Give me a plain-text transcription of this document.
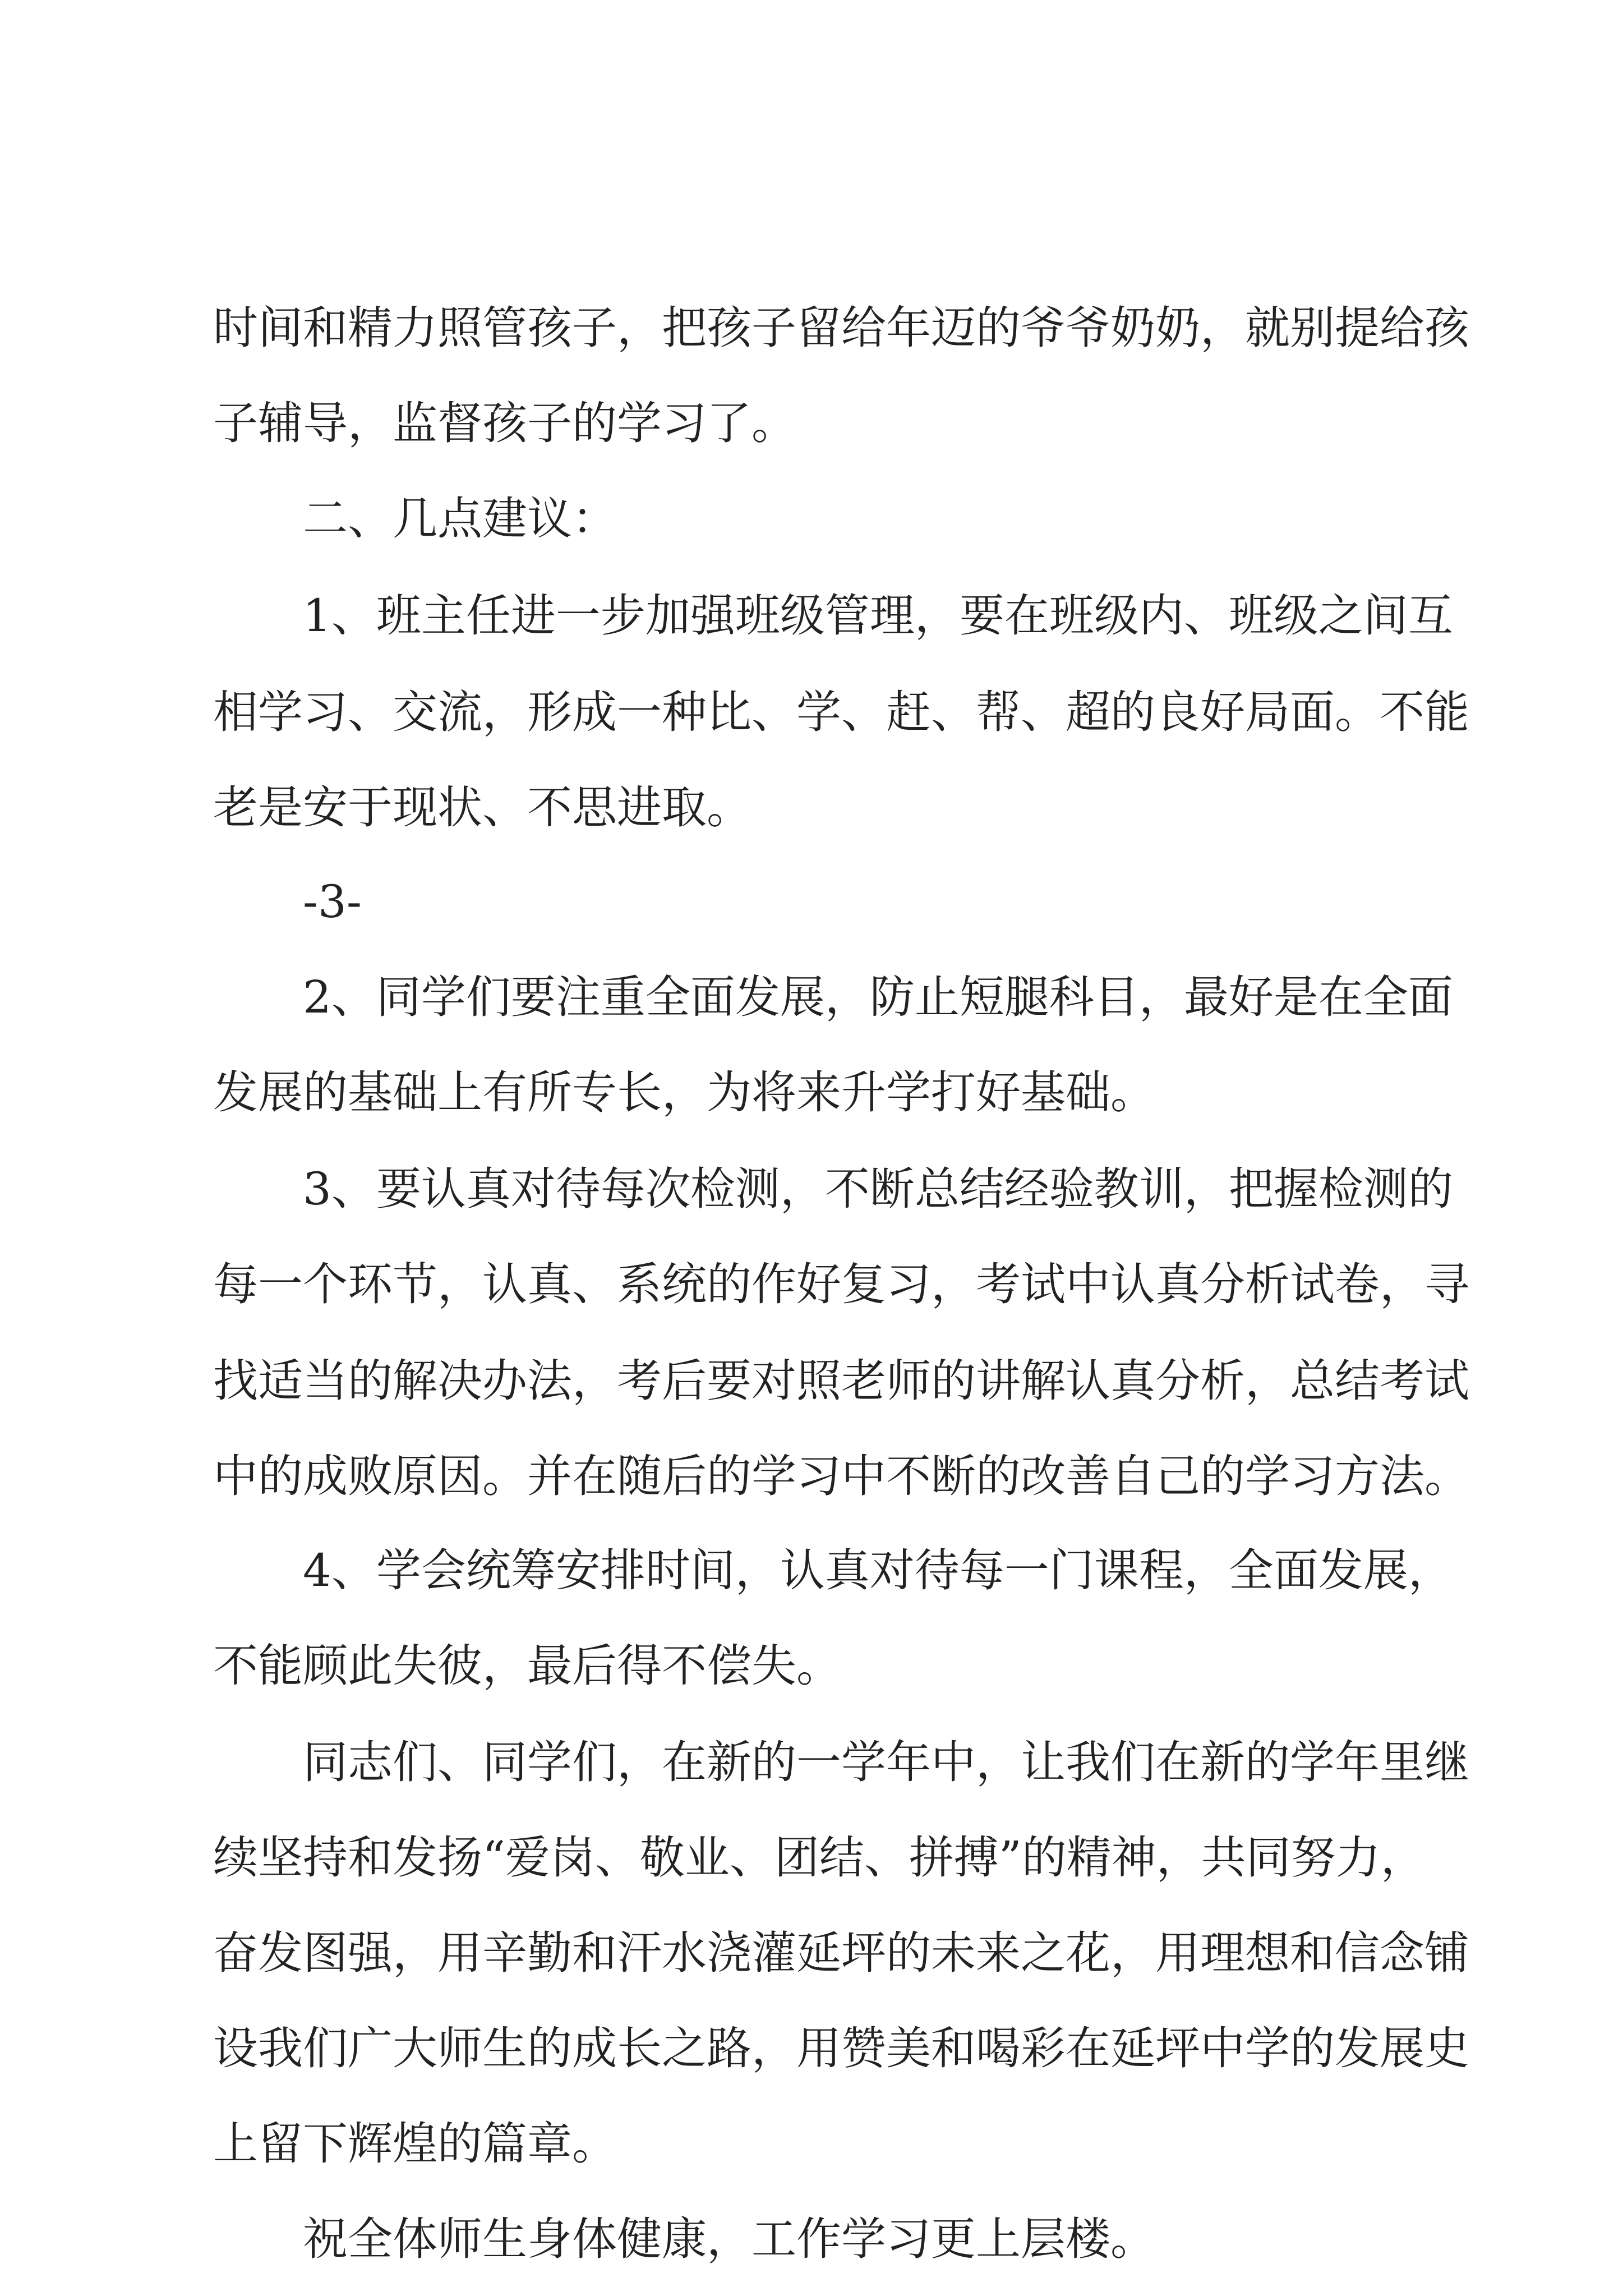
时间和精力照管孩子，把孩子留给年迈的爷爷奶奶，就别提给孩

子辅导，监督孩子的学习了。

二、几点建议：

1、班主任进一步加强班级管理，要在班级内、班级之间互

相学习、交流，形成一种比、学、赶、帮、超的良好局面。不能

老是安于现状、不思进取。

-3-

2、同学们要注重全面发展，防止短腿科目，最好是在全面

发展的基础上有所专长，为将来升学打好基础。

3、要认真对待每次检测，不断总结经验教训，把握检测的

每一个环节，认真、系统的作好复习，考试中认真分析试卷，寻

找适当的解决办法，考后要对照老师的讲解认真分析，总结考试

中的成败原因。并在随后的学习中不断的改善自己的学习方法。

4、学会统筹安排时间，认真对待每一门课程，全面发展，

不能顾此失彼，最后得不偿失。

同志们、同学们，在新的一学年中，让我们在新的学年里继

续坚持和发扬“爱岗、敬业、团结、拼搏”的精神，共同努力，

奋发图强，用辛勤和汗水浇灌延坪的未来之花，用理想和信念铺

设我们广大师生的成长之路，用赞美和喝彩在延坪中学的发展史

上留下辉煌的篇章。

祝全体师生身体健康，工作学习更上层楼。
